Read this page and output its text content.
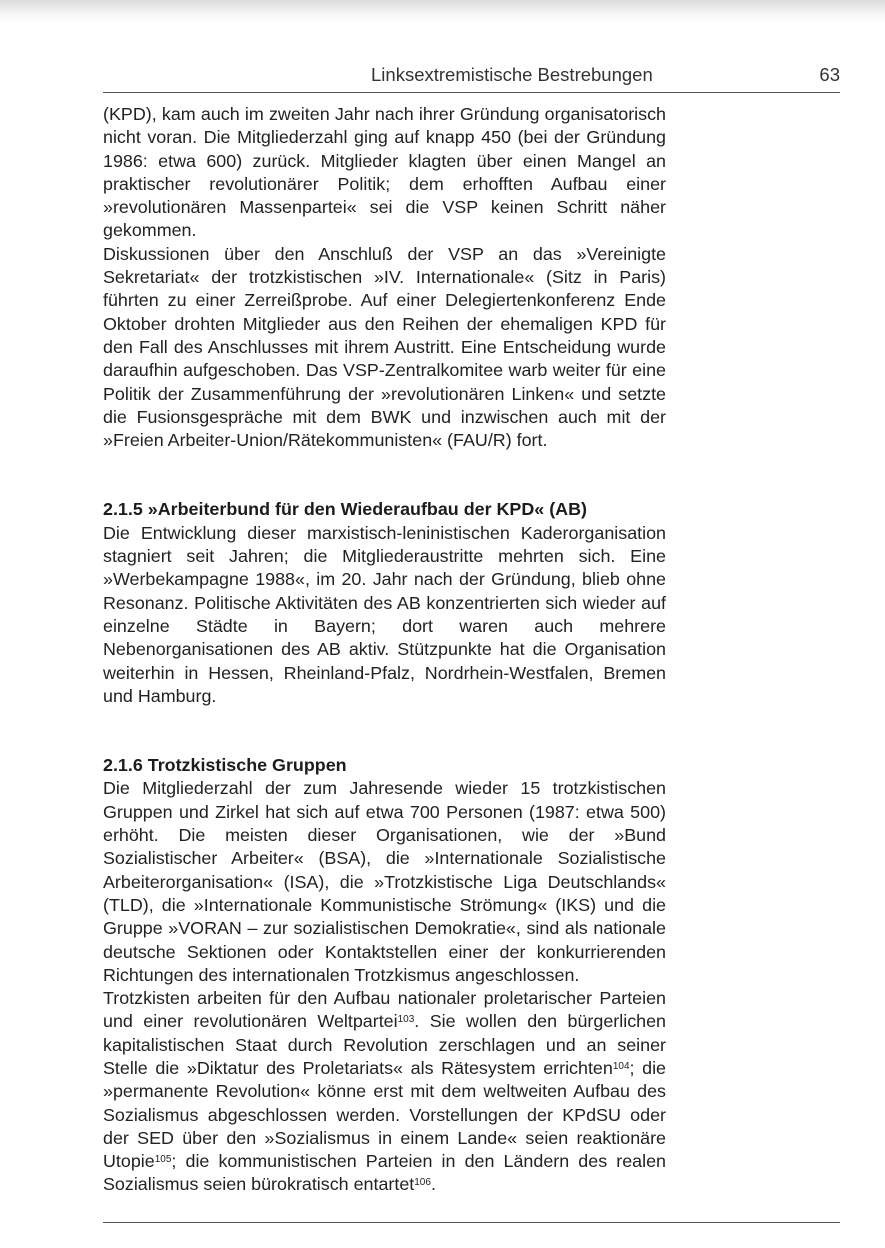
Linksextremistische Bestrebungen	63

(KPD), kam auch im zweiten Jahr nach ihrer Gründung organisatorisch nicht voran. Die Mitgliederzahl ging auf knapp 450 (bei der Gründung 1986: etwa 600) zurück. Mitglieder klagten über einen Mangel an praktischer revolutionärer Politik; dem erhofften Aufbau einer »revolutionären Massenpartei« sei die VSP keinen Schritt näher gekommen.

Diskussionen über den Anschluß der VSP an das »Vereinigte Sekretariat« der trotzkistischen »IV. Internationale« (Sitz in Paris) führten zu einer Zerreißprobe. Auf einer Delegiertenkonferenz Ende Oktober drohten Mitglieder aus den Reihen der ehemaligen KPD für den Fall des Anschlusses mit ihrem Austritt. Eine Entscheidung wurde daraufhin aufgeschoben. Das VSP-Zentralkomitee warb weiter für eine Politik der Zusammenführung der »revolutionären Linken« und setzte die Fusionsgespräche mit dem BWK und inzwischen auch mit der »Freien Arbeiter-Union/Rätekommunisten« (FAU/R) fort.

2.1.5 »Arbeiterbund für den Wiederaufbau der KPD« (AB)

Die Entwicklung dieser marxistisch-leninistischen Kaderorganisation stagniert seit Jahren; die Mitgliederaustritte mehrten sich. Eine »Werbekampagne 1988«, im 20. Jahr nach der Gründung, blieb ohne Resonanz. Politische Aktivitäten des AB konzentrierten sich wieder auf einzelne Städte in Bayern; dort waren auch mehrere Nebenorganisationen des AB aktiv. Stützpunkte hat die Organisation weiterhin in Hessen, Rheinland-Pfalz, Nordrhein-Westfalen, Bremen und Hamburg.

2.1.6 Trotzkistische Gruppen

Die Mitgliederzahl der zum Jahresende wieder 15 trotzkistischen Gruppen und Zirkel hat sich auf etwa 700 Personen (1987: etwa 500) erhöht. Die meisten dieser Organisationen, wie der »Bund Sozialistischer Arbeiter« (BSA), die »Internationale Sozialistische Arbeiterorganisation« (ISA), die »Trotzkistische Liga Deutschlands« (TLD), die »Internationale Kommunistische Strömung« (IKS) und die Gruppe »VORAN – zur sozialistischen Demokratie«, sind als nationale deutsche Sektionen oder Kontaktstellen einer der konkurrierenden Richtungen des internationalen Trotzkismus angeschlossen.

Trotzkisten arbeiten für den Aufbau nationaler proletarischer Parteien und einer revolutionären Weltpartei$^{103}$. Sie wollen den bürgerlichen kapitalistischen Staat durch Revolution zerschlagen und an seiner Stelle die »Diktatur des Proletariats« als Rätesystem errichten$^{104}$; die »permanente Revolution« könne erst mit dem weltweiten Aufbau des Sozialismus abgeschlossen werden. Vorstellungen der KPdSU oder der SED über den »Sozialismus in einem Lande« seien reaktionäre Utopie$^{105}$; die kommunistischen Parteien in den Ländern des realen Sozialismus seien bürokratisch entartet$^{106}$.
